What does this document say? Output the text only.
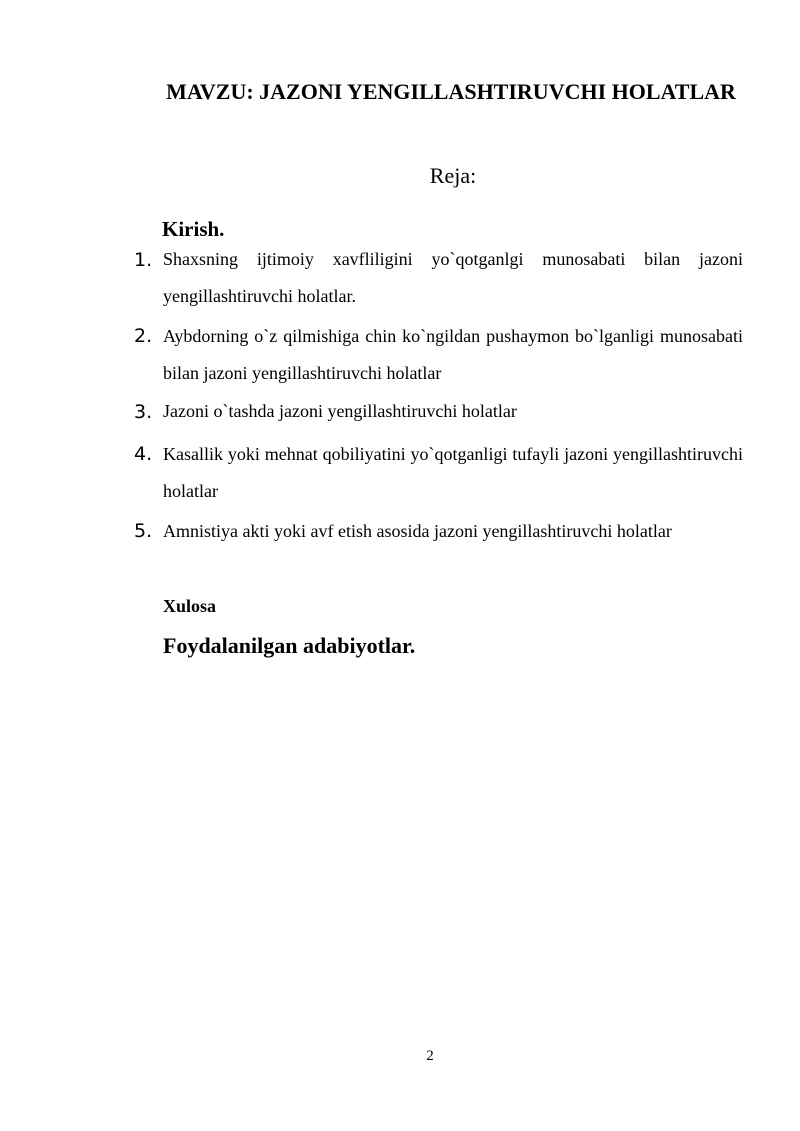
MAVZU: JAZONI YENGILLASHTIRUVCHI HOLATLAR
Reja:
Kirish.
1. Shaxsning ijtimoiy xavfliligini yo`qotganlgi munosabati bilan jazoni yengillashtiruvchi holatlar.
2. Aybdorning o`z qilmishiga chin ko`ngildan pushaymon bo`lganligi munosabati bilan jazoni yengillashtiruvchi holatlar
3. Jazoni o`tashda jazoni yengillashtiruvchi holatlar
4. Kasallik yoki mehnat qobiliyatini yo`qotganligi tufayli jazoni yengillashtiruvchi holatlar
5. Amnistiya akti yoki avf etish asosida jazoni yengillashtiruvchi holatlar
Xulosa
Foydalanilgan adabiyotlar.
2
